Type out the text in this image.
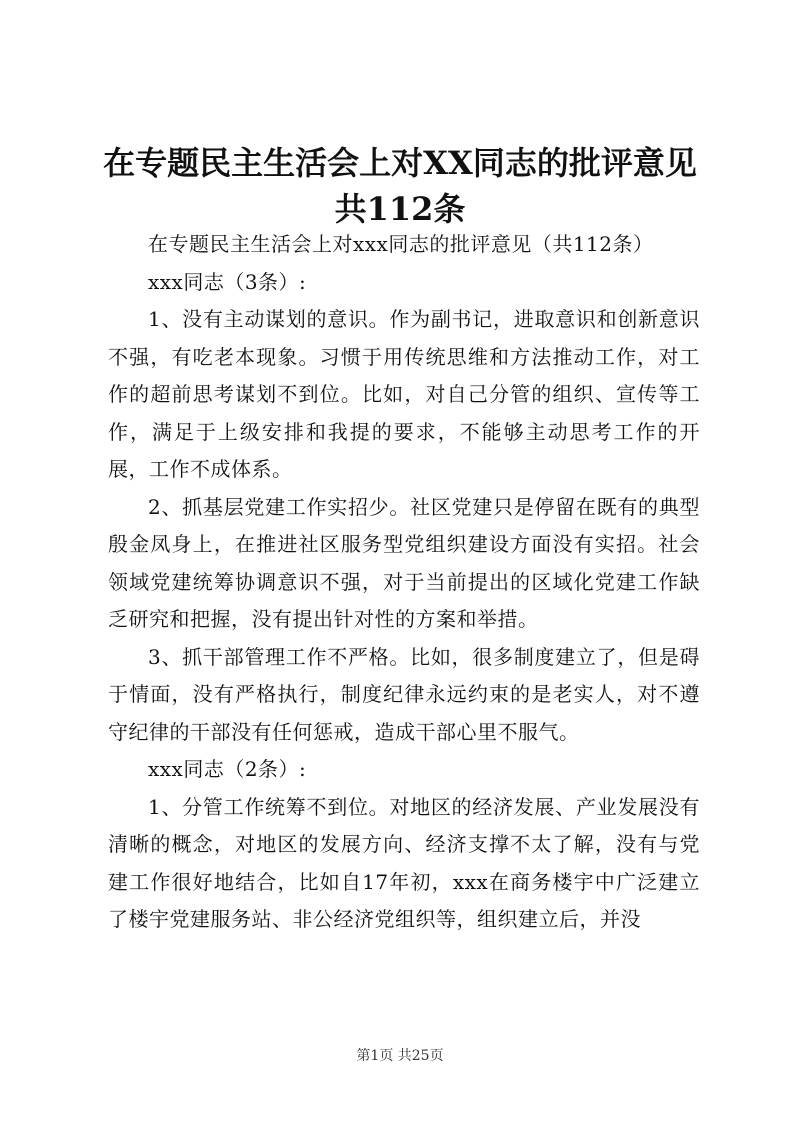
在专题民主生活会上对XX同志的批评意见共112条

在专题民主生活会上对xxx同志的批评意见（共112条）

xxx同志（3条）:

1、没有主动谋划的意识。作为副书记，进取意识和创新意识不强，有吃老本现象。习惯于用传统思维和方法推动工作，对工作的超前思考谋划不到位。比如，对自己分管的组织、宣传等工作，满足于上级安排和我提的要求，不能够主动思考工作的开展，工作不成体系。

2、抓基层党建工作实招少。社区党建只是停留在既有的典型殷金凤身上，在推进社区服务型党组织建设方面没有实招。社会领域党建统筹协调意识不强，对于当前提出的区域化党建工作缺乏研究和把握，没有提出针对性的方案和举措。

3、抓干部管理工作不严格。比如，很多制度建立了，但是碍于情面，没有严格执行，制度纪律永远约束的是老实人，对不遵守纪律的干部没有任何惩戒，造成干部心里不服气。

xxx同志（2条）:

1、分管工作统筹不到位。对地区的经济发展、产业发展没有清晰的概念，对地区的发展方向、经济支撑不太了解，没有与党建工作很好地结合，比如自17年初，xxx在商务楼宇中广泛建立了楼宇党建服务站、非公经济党组织等，组织建立后，并没

第1页 共25页
